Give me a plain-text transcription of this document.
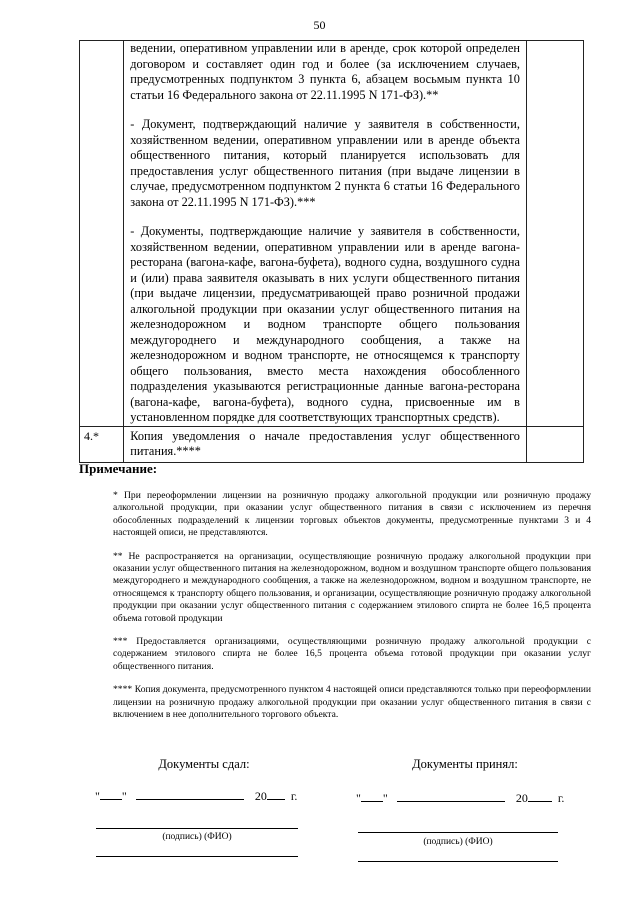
50

	ведении, оперативном управлении или в аренде, срок которой определен договором и составляет один год и более (за исключением случаев, предусмотренных подпунктом 3 пункта 6, абзацем восьмым пункта 10 статьи 16 Федерального закона от 22.11.1995 N 171-ФЗ).**
- Документ, подтверждающий наличие у заявителя в собственности, хозяйственном ведении, оперативном управлении или в аренде объекта общественного питания, который планируется использовать для предоставления услуг общественного питания (при выдаче лицензии в случае, предусмотренном подпунктом 2 пункта 6 статьи 16 Федерального закона от 22.11.1995 N 171-ФЗ).***
- Документы, подтверждающие наличие у заявителя в собственности, хозяйственном ведении, оперативном управлении или в аренде вагона-ресторана (вагона-кафе, вагона-буфета), водного судна, воздушного судна и (или) права заявителя оказывать в них услуги общественного питания (при выдаче лицензии, предусматривающей право розничной продажи алкогольной продукции при оказании услуг общественного питания на железнодорожном и водном транспорте общего пользования междугороднего и международного сообщения, а также на железнодорожном и водном транспорте, не относящемся к транспорту общего пользования, вместо места нахождения обособленного подразделения указываются регистрационные данные вагона-ресторана (вагона-кафе, вагона-буфета), водного судна, присвоенные им в установленном порядке для соответствующих транспортных средств).	

4.*	Копия уведомления о начале предоставления услуг общественного питания.****	
Примечание:

* При переоформлении лицензии на розничную продажу алкогольной продукции или розничную продажу алкогольной продукции, при оказании услуг общественного питания в связи с исключением из перечня обособленных подразделений к лицензии торговых объектов документы, предусмотренные пунктами 3 и 4 настоящей описи, не представляются.

** Не распространяется на организации, осуществляющие розничную продажу алкогольной продукции при оказании услуг общественного питания на железнодорожном, водном и воздушном транспорте общего пользования междугороднего и международного сообщения, а также на железнодорожном, водном и воздушном транспорте, не относящемся к транспорту общего пользования, и организации, осуществляющие розничную продажу алкогольной продукции при оказании услуг общественного питания с содержанием этилового спирта не более 16,5 процента объема готовой продукции

*** Предоставляется организациями, осуществляющими розничную продажу алкогольной продукции с содержанием этилового спирта не более 16,5 процента объема готовой продукции при оказании услуг общественного питания.

**** Копия документа, предусмотренного пунктом 4 настоящей описи представляются только при переоформлении лицензии на розничную продажу алкогольной продукции при оказании услуг общественного питания в связи с включением в нее дополнительного торгового объекта.

Документы сдал:	Документы принял:
" "	20 г.	" "	20	г.
(подпись) (ФИО)	(подпись) (ФИО)
